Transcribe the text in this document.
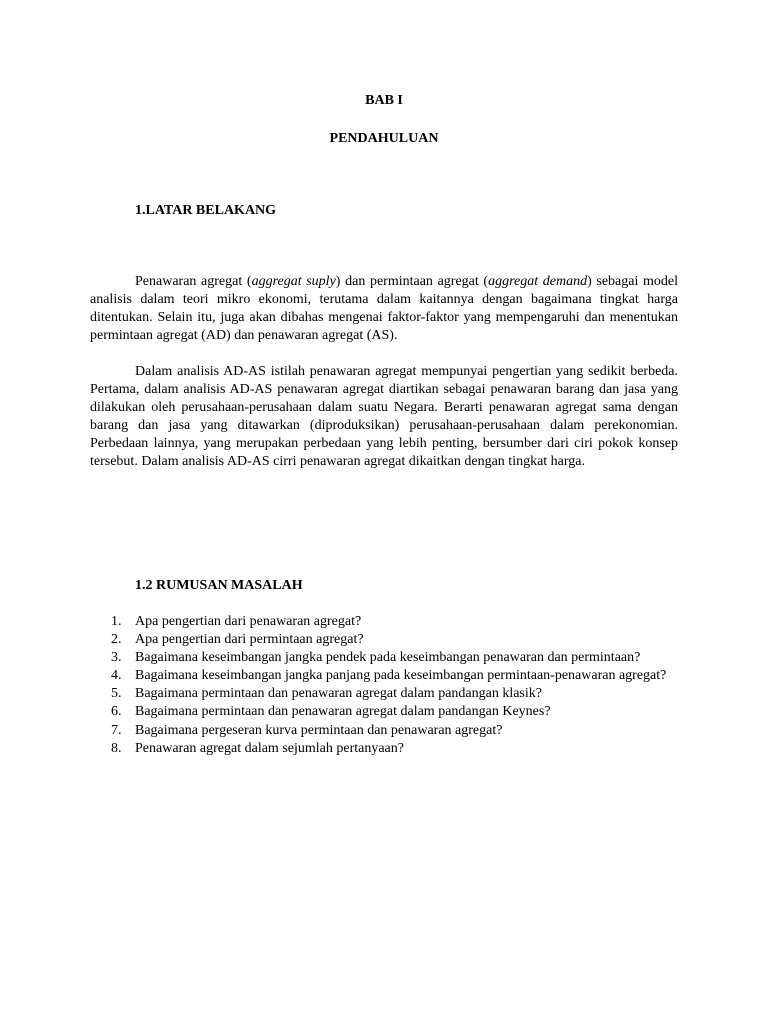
BAB I
PENDAHULUAN
1.LATAR BELAKANG

Penawaran agregat (aggregat suply) dan permintaan agregat (aggregat demand) sebagai model analisis dalam teori mikro ekonomi, terutama dalam kaitannya dengan bagaimana tingkat harga ditentukan. Selain itu, juga akan dibahas mengenai faktor-faktor yang mempengaruhi dan menentukan permintaan agregat (AD) dan penawaran agregat (AS).

Dalam analisis AD-AS istilah penawaran agregat mempunyai pengertian yang sedikit berbeda. Pertama, dalam analisis AD-AS penawaran agregat diartikan sebagai penawaran barang dan jasa yang dilakukan oleh perusahaan-perusahaan dalam suatu Negara. Berarti penawaran agregat sama dengan barang dan jasa yang ditawarkan (diproduksikan) perusahaan-perusahaan dalam perekonomian. Perbedaan lainnya, yang merupakan perbedaan yang lebih penting, bersumber dari ciri pokok konsep tersebut. Dalam analisis AD-AS cirri penawaran agregat dikaitkan dengan tingkat harga.

1.2 RUMUSAN MASALAH
1. Apa pengertian dari penawaran agregat?
2. Apa pengertian dari permintaan agregat?
3. Bagaimana keseimbangan jangka pendek pada keseimbangan penawaran dan permintaan?
4. Bagaimana keseimbangan jangka panjang pada keseimbangan permintaan-penawaran agregat?
5. Bagaimana permintaan dan penawaran agregat dalam pandangan klasik?
6. Bagaimana permintaan dan penawaran agregat dalam pandangan Keynes?
7. Bagaimana pergeseran kurva permintaan dan penawaran agregat?
8. Penawaran agregat dalam sejumlah pertanyaan?
